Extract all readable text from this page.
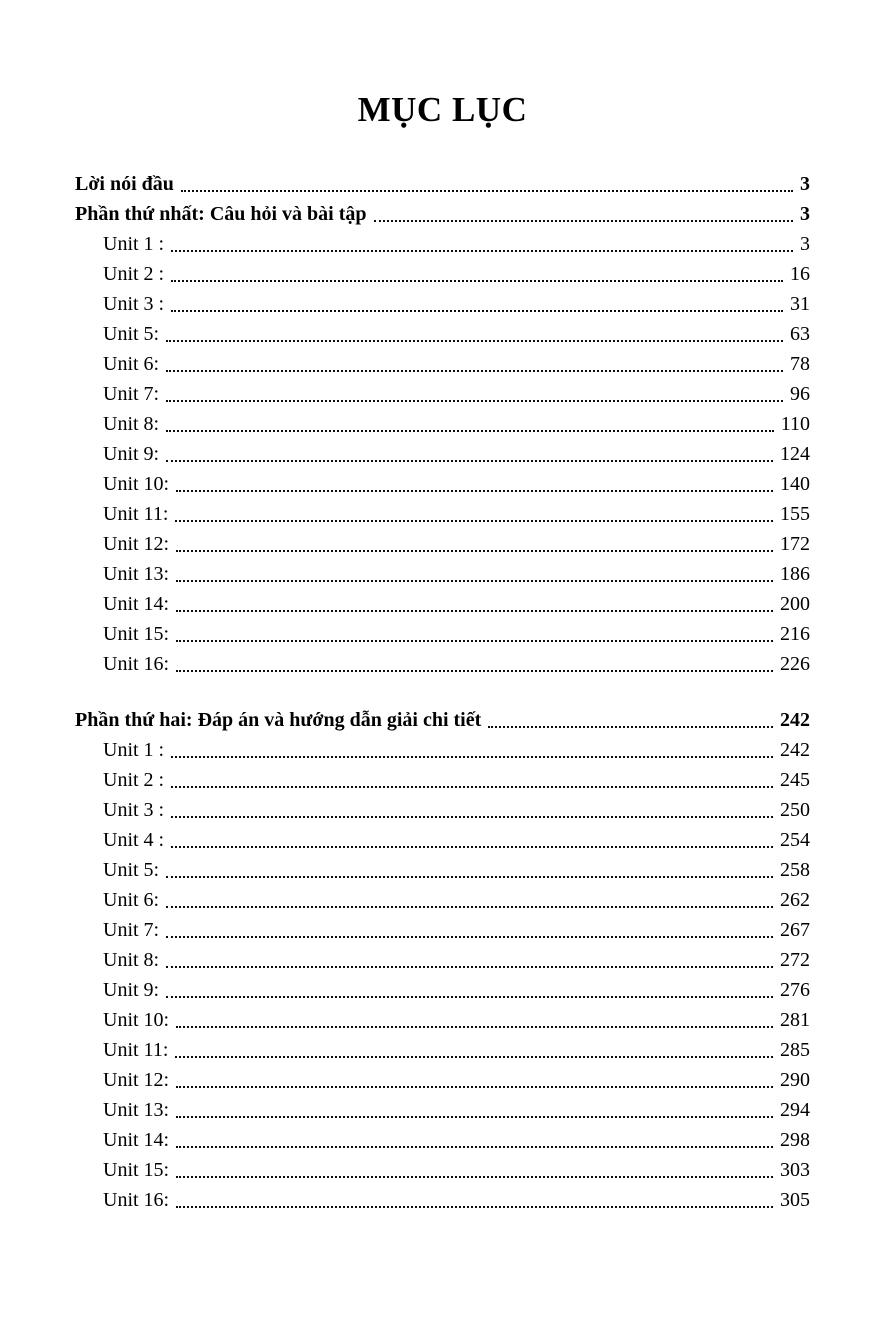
MỤC LỤC
Lời nói đầu	3
Phần thứ nhất: Câu hỏi và bài tập	3
Unit 1 :	3
Unit 2 :	16
Unit 3 :	31
Unit 5:	63
Unit 6:	78
Unit 7:	96
Unit 8:	110
Unit 9:	124
Unit 10:	140
Unit 11:	155
Unit 12:	172
Unit 13:	186
Unit 14:	200
Unit 15:	216
Unit 16:	226
Phần thứ hai: Đáp án và hướng dẫn giải chi tiết	242
Unit 1 :	242
Unit 2 :	245
Unit 3 :	250
Unit 4 :	254
Unit 5:	258
Unit 6:	262
Unit 7:	267
Unit 8:	272
Unit 9:	276
Unit 10:	281
Unit 11:	285
Unit 12:	290
Unit 13:	294
Unit 14:	298
Unit 15:	303
Unit 16:	305
